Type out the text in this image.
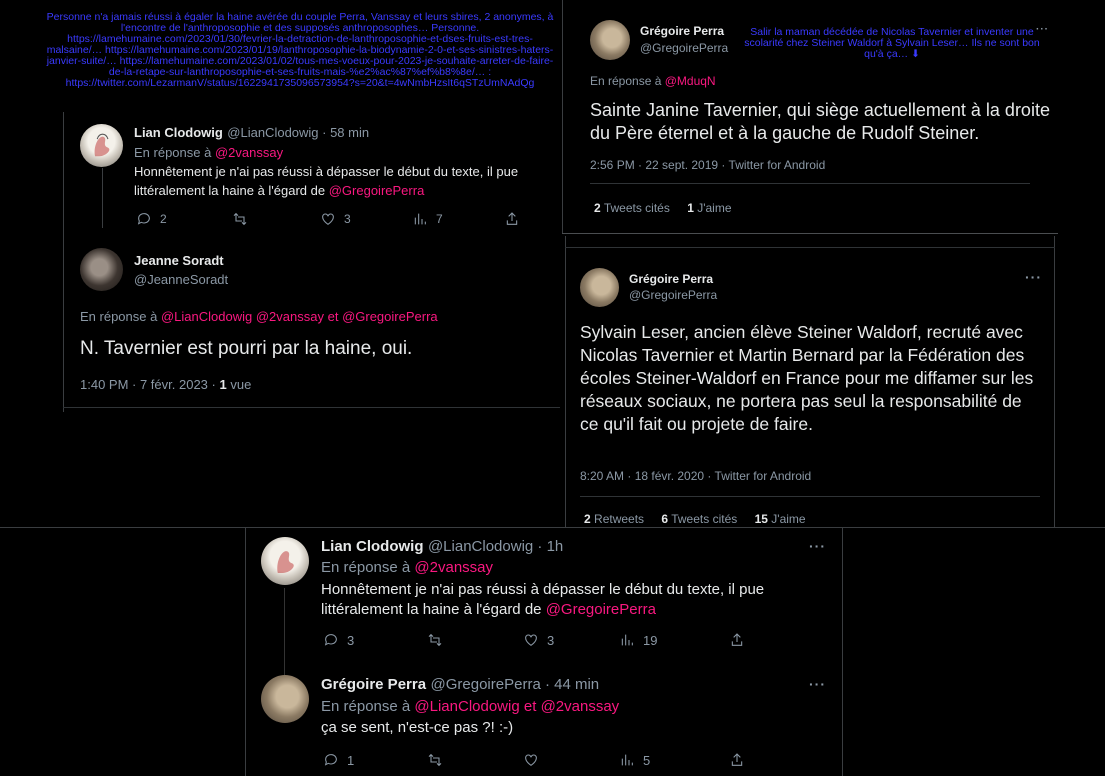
Personne n'a jamais réussi à égaler la haine avérée du couple Perra, Vanssay et leurs sbires, 2 anonymes, à l'encontre de l'anthroposophie et des supposés anthroposophes… Personne. https://lamehumaine.com/2023/01/30/fevrier-la-detraction-de-lanthroposophie-et-dses-fruits-est-tres-malsaine/… https://lamehumaine.com/2023/01/19/lanthroposophie-la-biodynamie-2-0-et-ses-sinistres-haters-janvier-suite/… https://lamehumaine.com/2023/01/02/tous-mes-voeux-pour-2023-je-souhaite-arreter-de-faire-de-la-retape-sur-lanthroposophie-et-ses-fruits-mais-%e2%ac%87%ef%b8%8e/… : https://twitter.com/LezarmanV/status/1622941735096573954?s=20&t=4wNmbHzsIt6qSTzUmNAdQg
Lian Clodowig @LianClodowig · 58 min
En réponse à @2vanssay
Honnêtement je n'ai pas réussi à dépasser le début du texte, il pue littéralement la haine à l'égard de @GregoirePerra
2	3	7
Jeanne Soradt
@JeanneSoradt
En réponse à @LianClodowig @2vanssay et @GregoirePerra
N. Tavernier est pourri par la haine, oui.
1:40 PM · 7 févr. 2023 · 1 vue
Grégoire Perra
@GregoirePerra
Salir la maman décédée de Nicolas Tavernier et inventer une scolarité chez Steiner Waldorf à Sylvain Leser… Ils ne sont bon qu'à ça… ⬇
···
En réponse à @MduqN
Sainte Janine Tavernier, qui siège actuellement à la droite du Père éternel et à la gauche de Rudolf Steiner.
2:56 PM · 22 sept. 2019 · Twitter for Android
2 Tweets cités 1 J'aime
Grégoire Perra
@GregoirePerra
···
Sylvain Leser, ancien élève Steiner Waldorf, recruté avec Nicolas Tavernier et Martin Bernard par la Fédération des écoles Steiner-Waldorf en France pour me diffamer sur les réseaux sociaux, ne portera pas seul la responsabilité de ce qu'il fait ou projete de faire.
8:20 AM · 18 févr. 2020 · Twitter for Android
2 Retweets 6 Tweets cités 15 J'aime
Lian Clodowig @LianClodowig · 1h	···
En réponse à @2vanssay
Honnêtement je n'ai pas réussi à dépasser le début du texte, il pue littéralement la haine à l'égard de @GregoirePerra
3	3	19
Grégoire Perra @GregoirePerra · 44 min	···
En réponse à @LianClodowig et @2vanssay
ça se sent, n'est-ce pas ?! :-)
1	5
